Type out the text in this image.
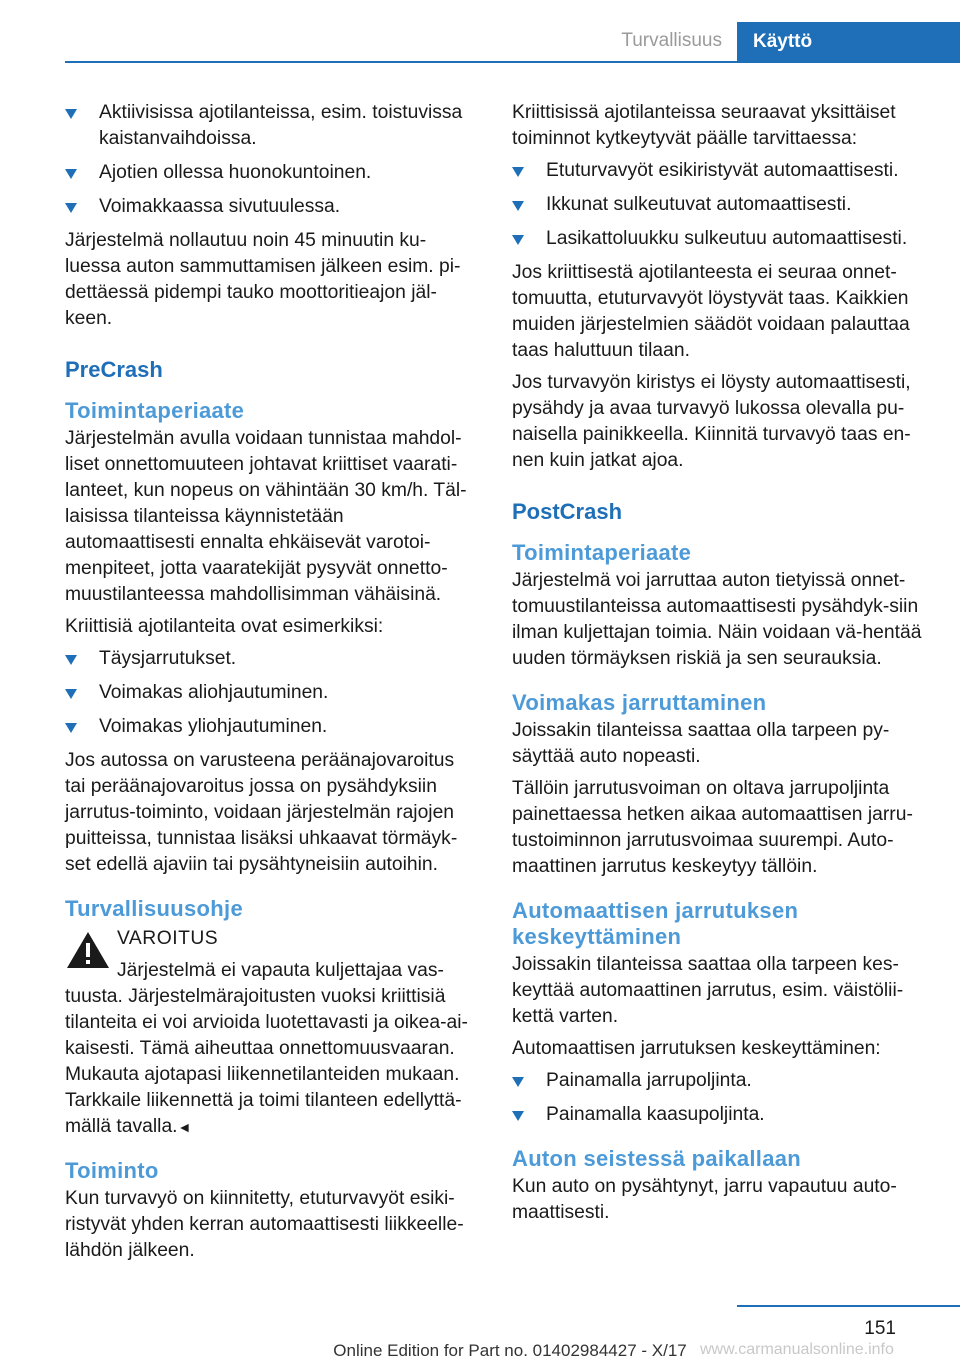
Turvallisuus Käyttö
Aktiivisissa ajotilanteissa, esim. toistuvissa kaistanvaihdoissa.
Ajotien ollessa huonokuntoinen.
Voimakkaassa sivutuulessa.

Järjestelmä nollautuu noin 45 minuutin ku-luessa auton sammuttamisen jälkeen esim. pi-dettäessä pidempi tauko moottoritieajon jäl-keen.

PreCrash
Toimintaperiaate

Järjestelmän avulla voidaan tunnistaa mahdol-liset onnettomuuteen johtavat kriittiset vaarati-lanteet, kun nopeus on vähintään 30 km/h. Täl-laisissa tilanteissa käynnistetään automaattisesti ennalta ehkäisevät varotoi-menpiteet, jotta vaaratekijät pysyvät onnetto-muustilanteessa mahdollisimman vähäisinä.

Kriittisiä ajotilanteita ovat esimerkiksi:

Täysjarrutukset.
Voimakas aliohjautuminen.
Voimakas yliohjautuminen.

Jos autossa on varusteena peräänajovaroitus tai peräänajovaroitus jossa on pysähdyksiin jarrutus-toiminto, voidaan järjestelmän rajojen puitteissa, tunnistaa lisäksi uhkaavat törmäyk-set edellä ajaviin tai pysähtyneisiin autoihin.

Turvallisuusohje

VAROITUS

Järjestelmä ei vapauta kuljettajaa vas-

tuusta. Järjestelmärajoitusten vuoksi kriittisiä tilanteita ei voi arvioida luotettavasti ja oikea-ai-kaisesti. Tämä aiheuttaa onnettomuusvaaran. Mukauta ajotapasi liikennetilanteiden mukaan. Tarkkaile liikennettä ja toimi tilanteen edellyttä-mällä tavalla.◄

Toiminto

Kun turvavyö on kiinnitetty, etuturvavyöt esiki-ristyvät yhden kerran automaattisesti liikkeelle-lähdön jälkeen.

Kriittisissä ajotilanteissa seuraavat yksittäiset toiminnot kytkeytyvät päälle tarvittaessa:

Etuturvavyöt esikiristyvät automaattisesti.
Ikkunat sulkeutuvat automaattisesti.
Lasikattoluukku sulkeutuu automaattisesti.

Jos kriittisestä ajotilanteesta ei seuraa onnet-tomuutta, etuturvavyöt löystyvät taas. Kaikkien muiden järjestelmien säädöt voidaan palauttaa taas haluttuun tilaan.

Jos turvavyön kiristys ei löysty automaattisesti, pysähdy ja avaa turvavyö lukossa olevalla pu-naisella painikkeella. Kiinnitä turvavyö taas en-nen kuin jatkat ajoa.

PostCrash
Toimintaperiaate

Järjestelmä voi jarruttaa auton tietyissä onnet-tomuustilanteissa automaattisesti pysähdyk-siin ilman kuljettajan toimia. Näin voidaan vä-hentää uuden törmäyksen riskiä ja sen seurauksia.

Voimakas jarruttaminen

Joissakin tilanteissa saattaa olla tarpeen py-säyttää auto nopeasti.

Tällöin jarrutusvoiman on oltava jarrupoljinta painettaessa hetken aikaa automaattisen jarru-tustoiminnon jarrutusvoimaa suurempi. Auto-maattinen jarrutus keskeytyy tällöin.

Automaattisen jarrutuksen keskeyttäminen

Joissakin tilanteissa saattaa olla tarpeen kes-keyttää automaattinen jarrutus, esim. väistölii-kettä varten.

Automaattisen jarrutuksen keskeyttäminen:

Painamalla jarrupoljinta.
Painamalla kaasupoljinta.
Auton seistessä paikallaan

Kun auto on pysähtynyt, jarru vapautuu auto-maattisesti.

151
Online Edition for Part no. 01402984427 - X/17 www.carmanualsonline.info
